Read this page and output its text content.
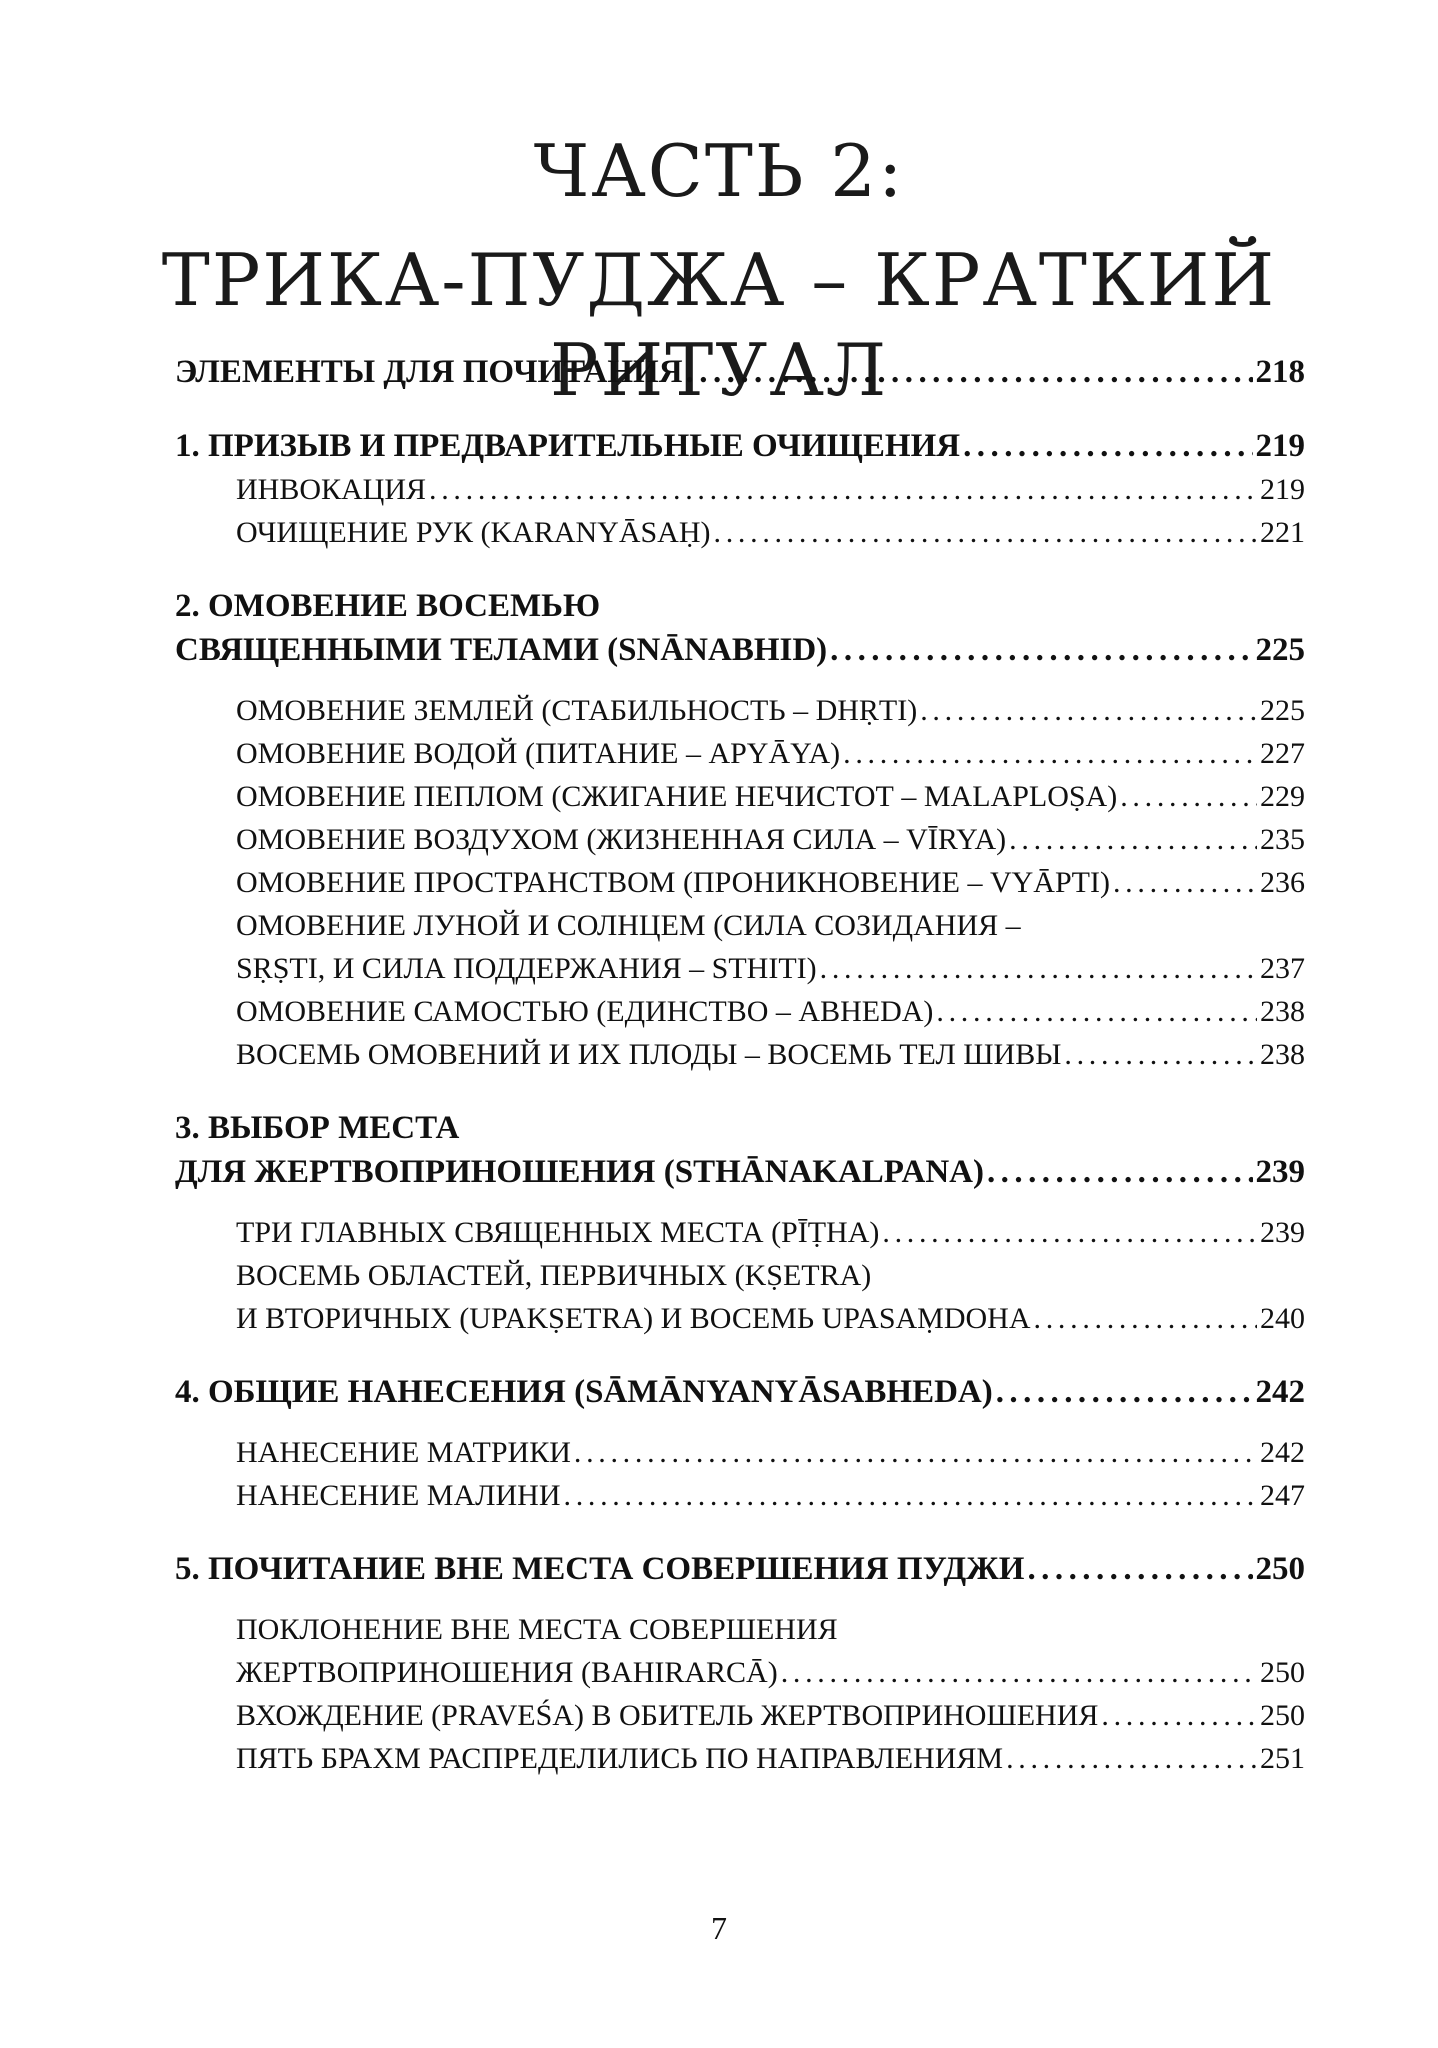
ЧАСТЬ 2:
ТРИКА-ПУДЖА – КРАТКИЙ РИТУАЛ
ЭЛЕМЕНТЫ ДЛЯ ПОЧИТАНИЯ . . .	218
1. ПРИЗЫВ И ПРЕДВАРИТЕЛЬНЫЕ ОЧИЩЕНИЯ . . .	219
ИНВОКАЦИЯ . . .	219
ОЧИЩЕНИЕ РУК (KARANYĀSAḤ) . . .	221
2. ОМОВЕНИЕ ВОСЕМЬЮ
СВЯЩЕННЫМИ ТЕЛАМИ (SNĀNABHID) . . .	225
ОМОВЕНИЕ ЗЕМЛЕЙ (СТАБИЛЬНОСТЬ – DHṚTI) . . .	225
ОМОВЕНИЕ ВОДОЙ (ПИТАНИЕ – APYĀYA) . . .	227
ОМОВЕНИЕ ПЕПЛОМ (СЖИГАНИЕ НЕЧИСТОТ – MALAPLOṢA) . . .	229
ОМОВЕНИЕ ВОЗДУХОМ (ЖИЗНЕННАЯ СИЛА – VĪRYA) . . .	235
ОМОВЕНИЕ ПРОСТРАНСТВОМ (ПРОНИКНОВЕНИЕ – VYĀPTI) . . .	236
ОМОВЕНИЕ ЛУНОЙ И СОЛНЦЕМ (СИЛА СОЗИДАНИЯ –
SṚṢTI, И СИЛА ПОДДЕРЖАНИЯ – STHITI) . . .	237
ОМОВЕНИЕ САМОСТЬЮ (ЕДИНСТВО – ABHEDA) . . .	238
ВОСЕМЬ ОМОВЕНИЙ И ИХ ПЛОДЫ – ВОСЕМЬ ТЕЛ ШИВЫ . . .	238
3. ВЫБОР МЕСТА
ДЛЯ ЖЕРТВОПРИНОШЕНИЯ (STHĀNAKALPANA) . . .	239
ТРИ ГЛАВНЫХ СВЯЩЕННЫХ МЕСТА (PĪṬHA) . . .	239
ВОСЕМЬ ОБЛАСТЕЙ, ПЕРВИЧНЫХ (KṢETRA)
И ВТОРИЧНЫХ (UPAKṢETRA) И ВОСЕМЬ UPASAṂDOHA . . .	240
4. ОБЩИЕ НАНЕСЕНИЯ (SĀMĀNYANYĀSABHEDA) . . .	242
НАНЕСЕНИЕ МАТРИКИ . . .	242
НАНЕСЕНИЕ МАЛИНИ . . .	247
5. ПОЧИТАНИЕ ВНЕ МЕСТА СОВЕРШЕНИЯ ПУДЖИ . . .	250
ПОКЛОНЕНИЕ ВНЕ МЕСТА СОВЕРШЕНИЯ
ЖЕРТВОПРИНОШЕНИЯ (BAHIRARCĀ) . . .	250
ВХОЖДЕНИЕ (PRAVEŚA) В ОБИТЕЛЬ ЖЕРТВОПРИНОШЕНИЯ . . .	250
ПЯТЬ БРАХМ РАСПРЕДЕЛИЛИСЬ ПО НАПРАВЛЕНИЯМ . . .	251
7
